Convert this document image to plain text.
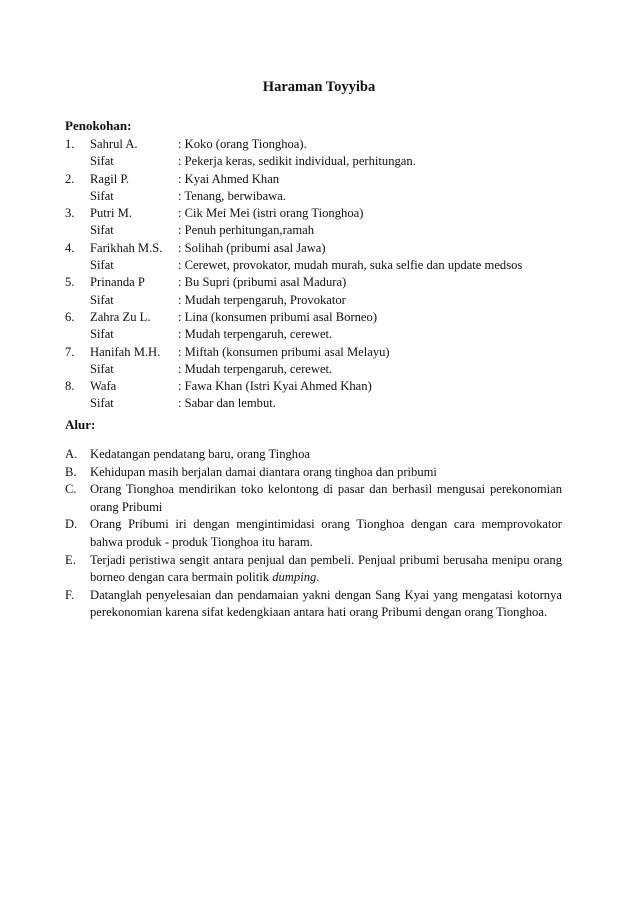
Haraman Toyyiba
Penokohan:
1. Sahrul A.	: Koko (orang Tionghoa).
Sifat	: Pekerja keras, sedikit individual, perhitungan.
2. Ragil P.	: Kyai Ahmed Khan
Sifat	: Tenang, berwibawa.
3. Putri M.	: Cik Mei Mei (istri orang Tionghoa)
Sifat	: Penuh perhitungan,ramah
4. Farikhah M.S. : Solihah (pribumi asal Jawa)
Sifat	: Cerewet, provokator, mudah murah, suka selfie dan update medsos
5. Prinanda P	: Bu Supri (pribumi asal Madura)
Sifat	: Mudah terpengaruh, Provokator
6. Zahra Zu L. : Lina (konsumen pribumi asal Borneo)
Sifat	: Mudah terpengaruh, cerewet.
7. Hanifah M.H. : Miftah (konsumen pribumi asal Melayu)
Sifat	: Mudah terpengaruh, cerewet.
8. Wafa	: Fawa Khan (Istri Kyai Ahmed Khan)
Sifat	: Sabar dan lembut.
Alur:
A. Kedatangan pendatang baru, orang Tinghoa
B. Kehidupan masih berjalan damai diantara orang tinghoa dan pribumi
C. Orang Tionghoa mendirikan toko kelontong di pasar dan berhasil mengusai perekonomian orang Pribumi
D. Orang Pribumi iri dengan mengintimidasi orang Tionghoa dengan cara memprovokator bahwa produk - produk Tionghoa itu haram.
E. Terjadi peristiwa sengit antara penjual dan pembeli. Penjual pribumi berusaha menipu orang borneo dengan cara bermain politik dumping.
F. Datanglah penyelesaian dan pendamaian yakni dengan Sang Kyai yang mengatasi kotornya perekonomian karena sifat kedengkiaan antara hati orang Pribumi dengan orang Tionghoa.
